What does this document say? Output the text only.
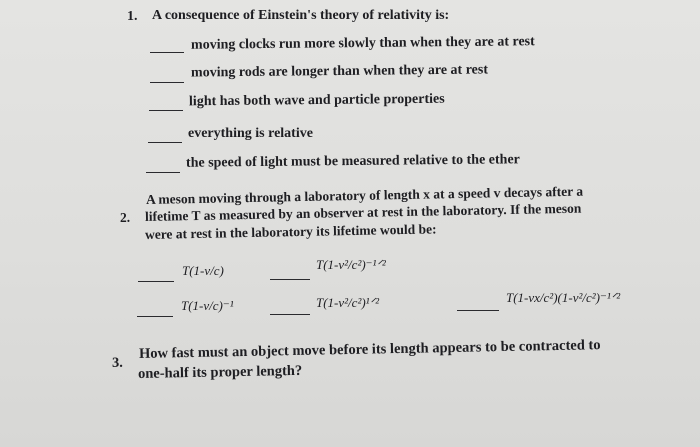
1. A consequence of Einstein's theory of relativity is:
moving clocks run more slowly than when they are at rest
moving rods are longer than when they are at rest
light has both wave and particle properties
everything is relative
the speed of light must be measured relative to the ether
2.
A meson moving through a laboratory of length x at a speed v decays after a
lifetime T as measured by an observer at rest in the laboratory. If the meson
were at rest in the laboratory its lifetime would be:
T(1-v/c)	T(1-v²/c²)⁻¹ᐟ²
T(1-v/c)⁻¹	T(1-v²/c²)¹ᐟ²	T(1-vx/c²)(1-v²/c²)⁻¹ᐟ²
3.
How fast must an object move before its length appears to be contracted to
one-half its proper length?
